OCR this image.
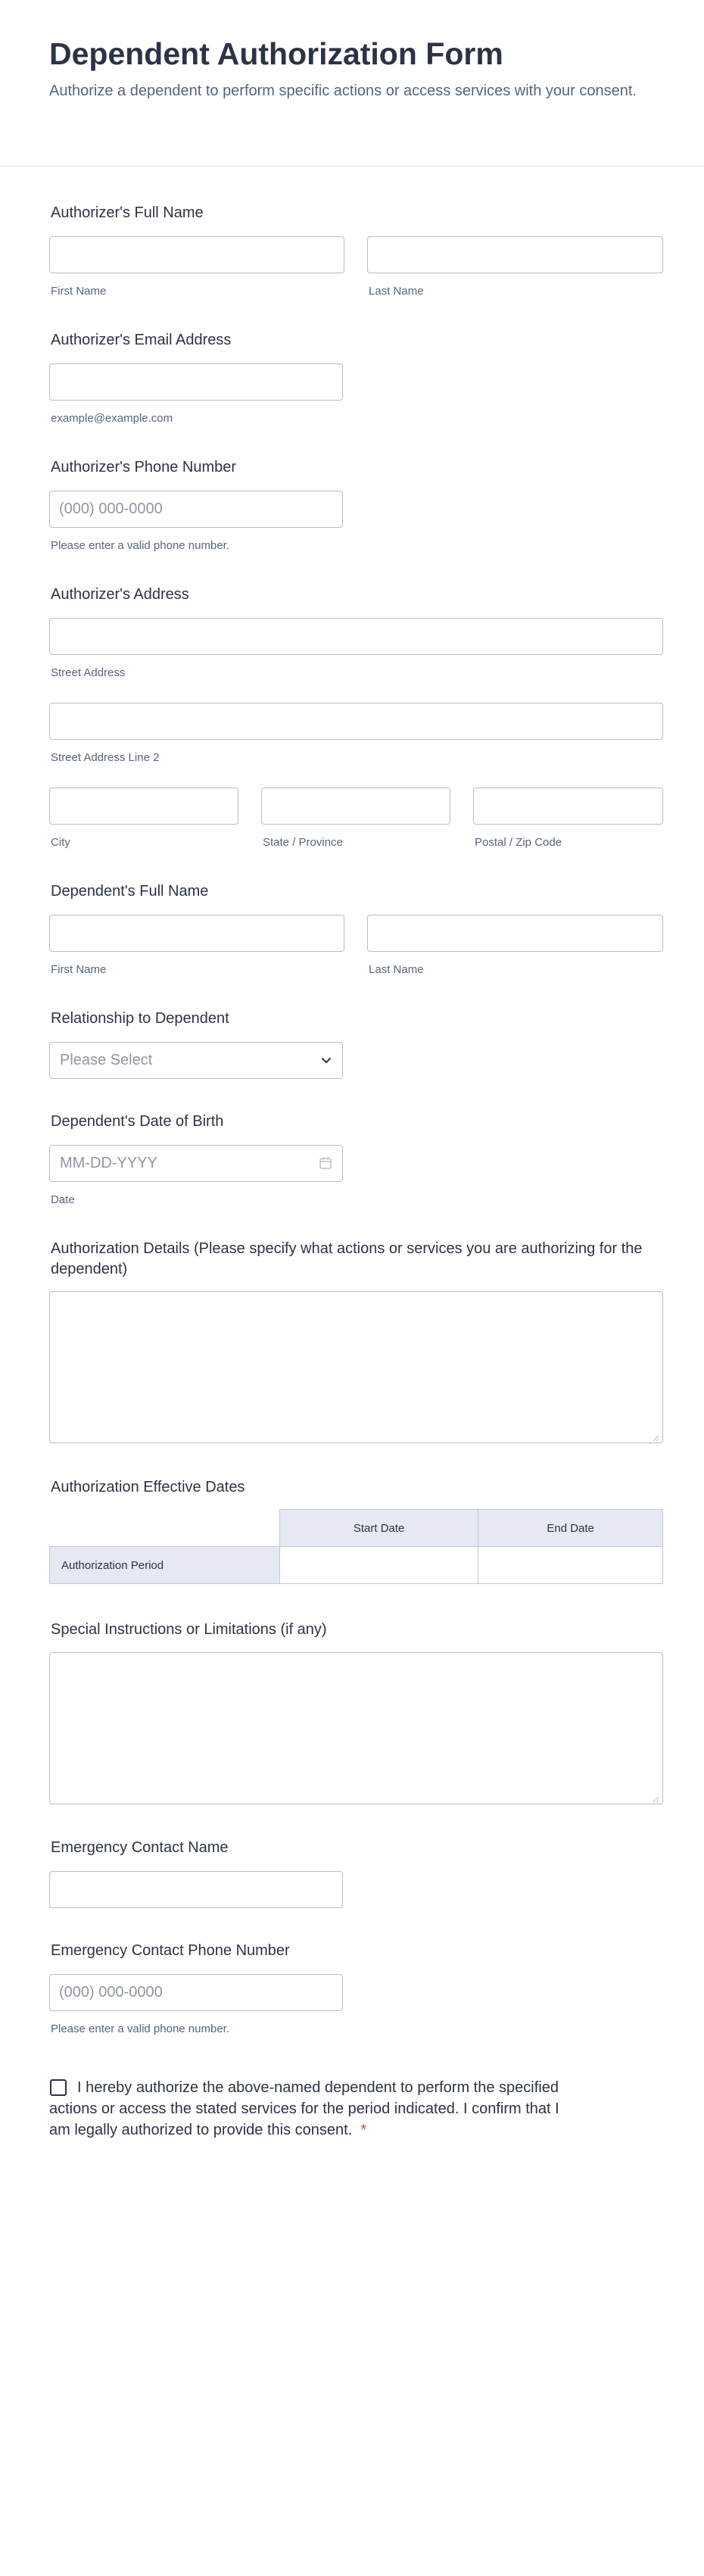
Dependent Authorization Form
Authorize a dependent to perform specific actions or access services with your consent.
Authorizer's Full Name
First Name	Last Name
Authorizer's Email Address
example@example.com
Authorizer's Phone Number
(000) 000-0000
Please enter a valid phone number.
Authorizer's Address
Street Address
Street Address Line 2
City	State / Province	Postal / Zip Code
Dependent's Full Name
First Name	Last Name
Relationship to Dependent
Please Select
Dependent's Date of Birth
MM-DD-YYYY
Date
Authorization Details (Please specify what actions or services you are authorizing for the dependent)
Authorization Effective Dates
	Start Date	End Date
Authorization Period		
Special Instructions or Limitations (if any)
Emergency Contact Name
Emergency Contact Phone Number
(000) 000-0000
Please enter a valid phone number.
I hereby authorize the above-named dependent to perform the specified actions or access the stated services for the period indicated. I confirm that I am legally authorized to provide this consent. *
